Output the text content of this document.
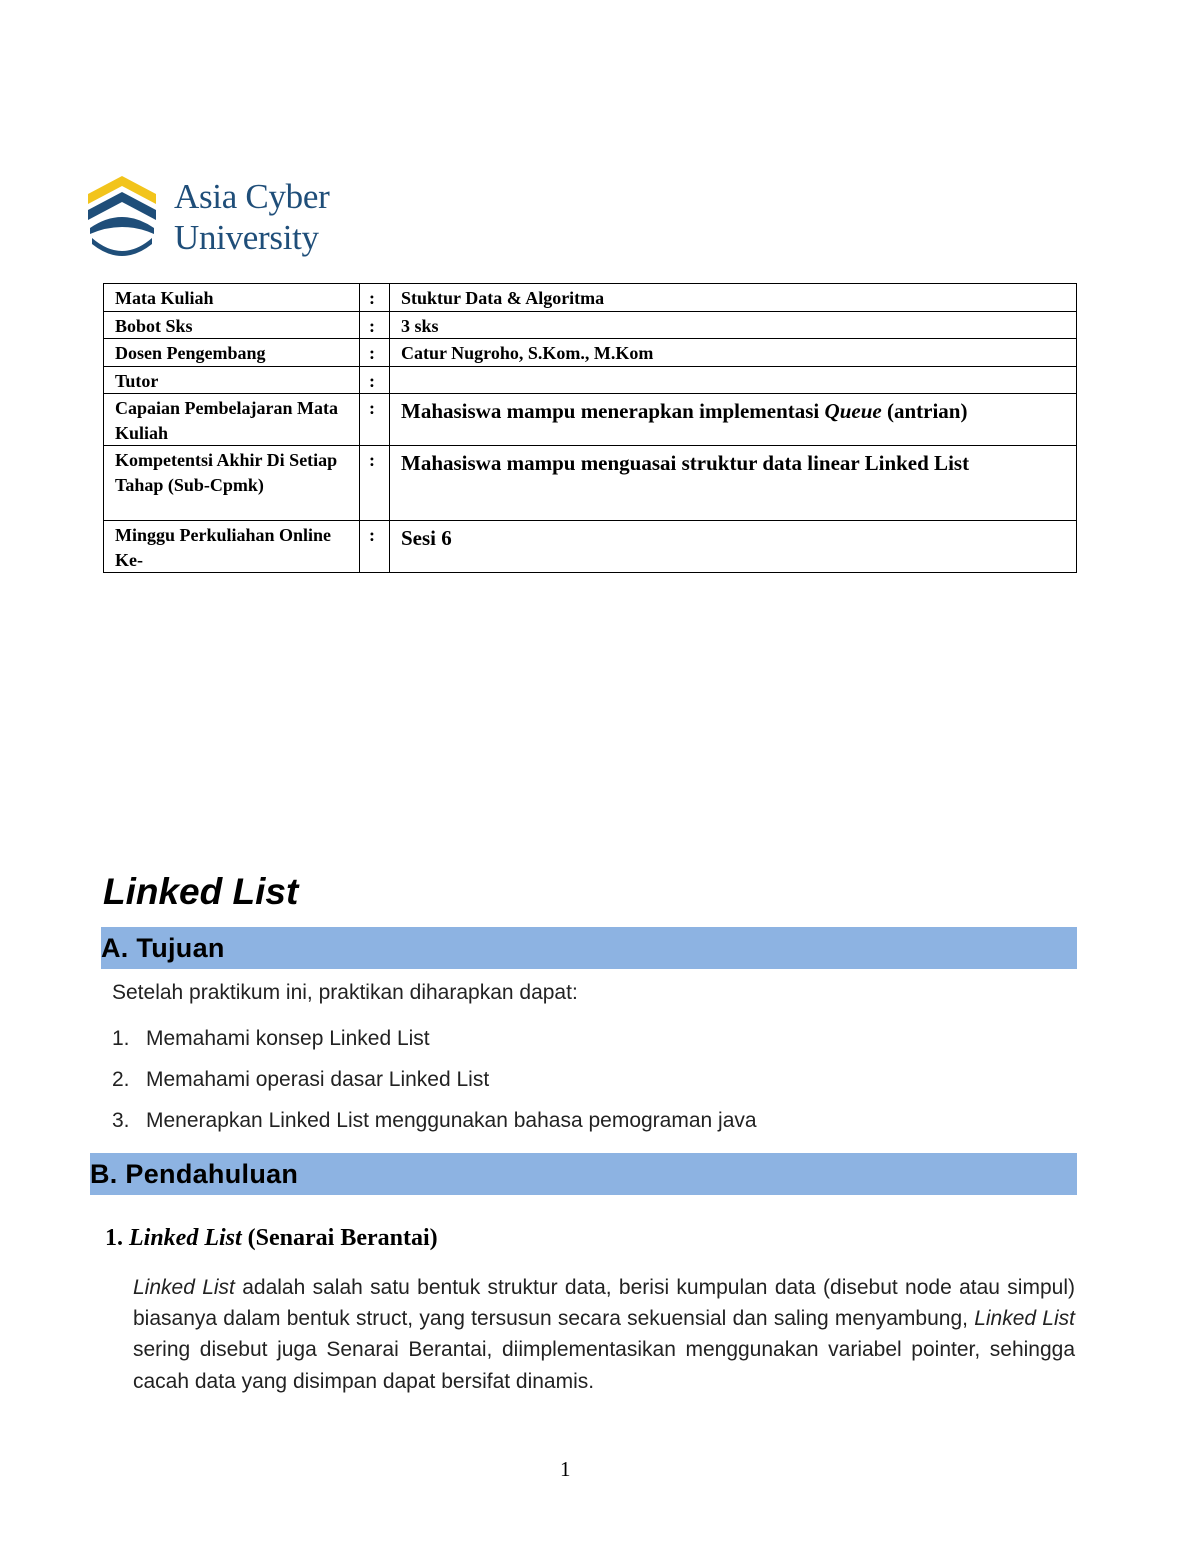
Asia Cyber
University
Mata Kuliah	:	Stuktur Data & Algoritma
Bobot Sks	:	3 sks
Dosen Pengembang	:	Catur Nugroho, S.Kom., M.Kom
Tutor	:	
Capaian Pembelajaran Mata Kuliah	:	Mahasiswa mampu menerapkan implementasi Queue (antrian)
Kompetentsi Akhir Di Setiap Tahap (Sub-Cpmk)	:	Mahasiswa mampu menguasai struktur data linear Linked List
Minggu Perkuliahan Online Ke-	:	Sesi 6
Linked List
A. Tujuan
Setelah praktikum ini, praktikan diharapkan dapat:
1. Memahami konsep Linked List
2. Memahami operasi dasar Linked List
3. Menerapkan Linked List menggunakan bahasa pemograman java
B. Pendahuluan
1. Linked List (Senarai Berantai)
Linked List adalah salah satu bentuk struktur data, berisi kumpulan data (disebut node atau simpul) biasanya dalam bentuk struct, yang tersusun secara sekuensial dan saling menyambung, Linked List sering disebut juga Senarai Berantai, diimplementasikan menggunakan variabel pointer, sehingga cacah data yang disimpan dapat bersifat dinamis.
1
